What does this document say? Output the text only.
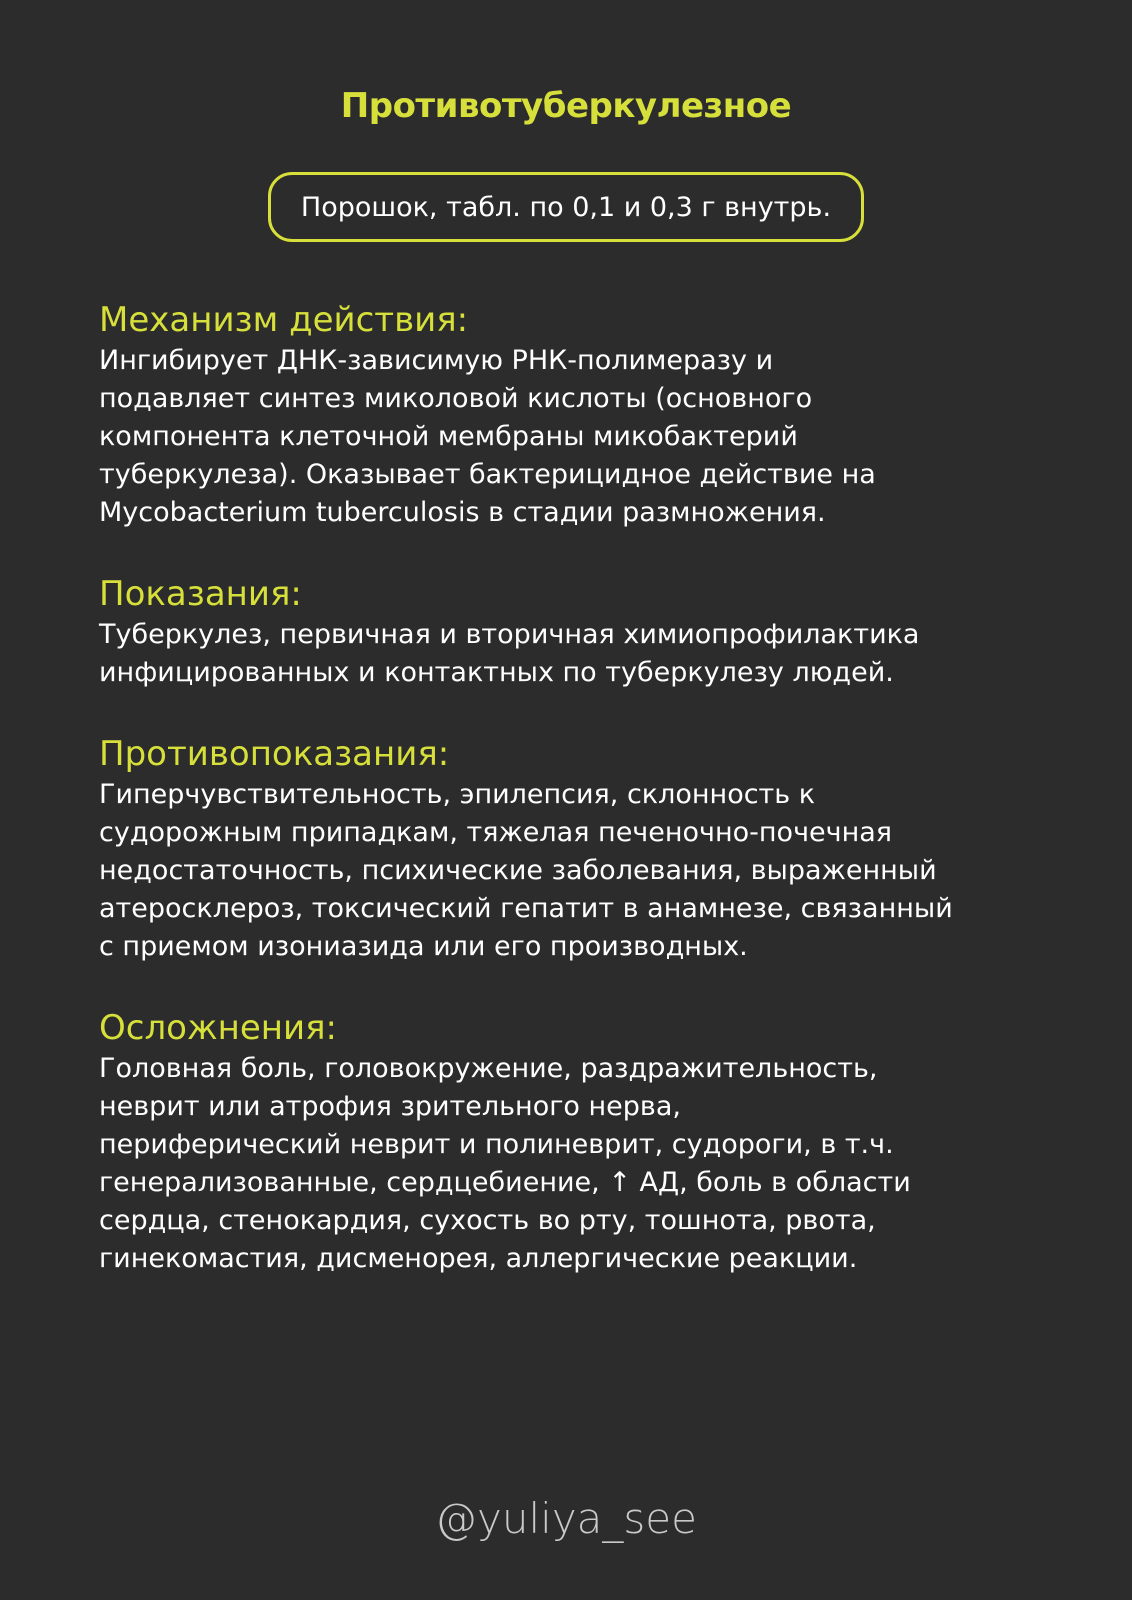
Противотуберкулезное
Порошок, табл. по 0,1 и 0,3 г внутрь.
Механизм действия:
Ингибирует ДНК-зависимую РНК-полимеразу и
подавляет синтез миколовой кислоты (основного
компонента клеточной мембраны микобактерий
туберкулеза). Оказывает бактерицидное действие на
Mycobacterium tuberculosis в стадии размножения.
Показания:
Туберкулез, первичная и вторичная химиопрофилактика
инфицированных и контактных по туберкулезу людей.
Противопоказания:
Гиперчувствительность, эпилепсия, склонность к
судорожным припадкам, тяжелая печеночно-почечная
недостаточность, психические заболевания, выраженный
атеросклероз, токсический гепатит в анамнезе, связанный
с приемом изониазида или его производных.
Осложнения:
Головная боль, головокружение, раздражительность,
неврит или атрофия зрительного нерва,
периферический неврит и полиневрит, судороги, в т.ч.
генерализованные, сердцебиение, ↑ АД, боль в области
сердца, стенокардия, сухость во рту, тошнота, рвота,
гинекомастия, дисменорея, аллергические реакции.
@yuliya_see
